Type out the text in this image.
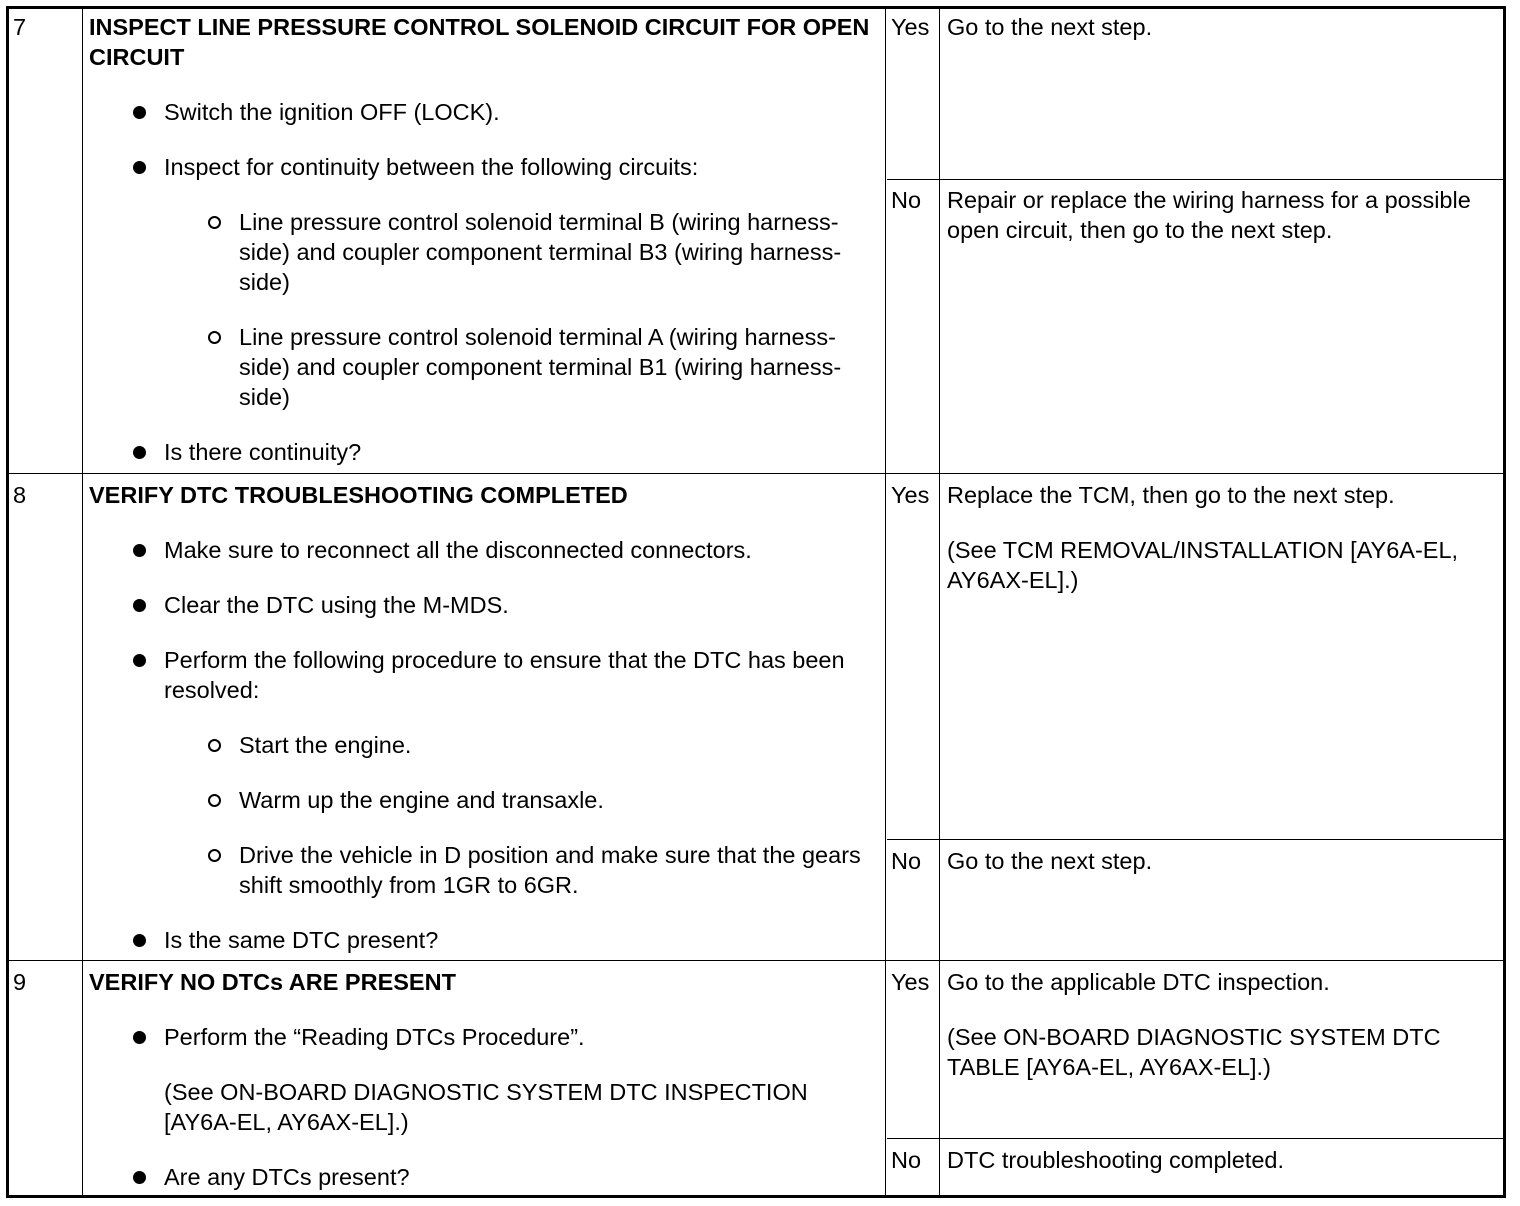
7	INSPECT LINE PRESSURE CONTROL SOLENOID CIRCUIT FOR OPEN CIRCUIT

Switch the ignition OFF (LOCK).

Inspect for continuity between the following circuits:

Line pressure control solenoid terminal B (wiring harness-side) and coupler component terminal B3 (wiring harness-side)

Line pressure control solenoid terminal A (wiring harness-side) and coupler component terminal B1 (wiring harness-side)

Is there continuity?

Yes Go to the next step.

No	Repair or replace the wiring harness for a possible open circuit, then go to the next step.

8	VERIFY DTC TROUBLESHOOTING COMPLETED

Make sure to reconnect all the disconnected connectors.

Clear the DTC using the M-MDS.

Perform the following procedure to ensure that the DTC has been resolved:

Start the engine.

Warm up the engine and transaxle.

Drive the vehicle in D position and make sure that the gears shift smoothly from 1GR to 6GR.

Is the same DTC present?

Yes Replace the TCM, then go to the next step.

(See TCM REMOVAL/INSTALLATION [AY6A-EL, AY6AX-EL].)

No	Go to the next step.

9	VERIFY NO DTCs ARE PRESENT

Perform the “Reading DTCs Procedure”.

(See ON-BOARD DIAGNOSTIC SYSTEM DTC INSPECTION [AY6A-EL, AY6AX-EL].)

Are any DTCs present?

Yes Go to the applicable DTC inspection.

(See ON-BOARD DIAGNOSTIC SYSTEM DTC TABLE [AY6A-EL, AY6AX-EL].)

No	DTC troubleshooting completed.
